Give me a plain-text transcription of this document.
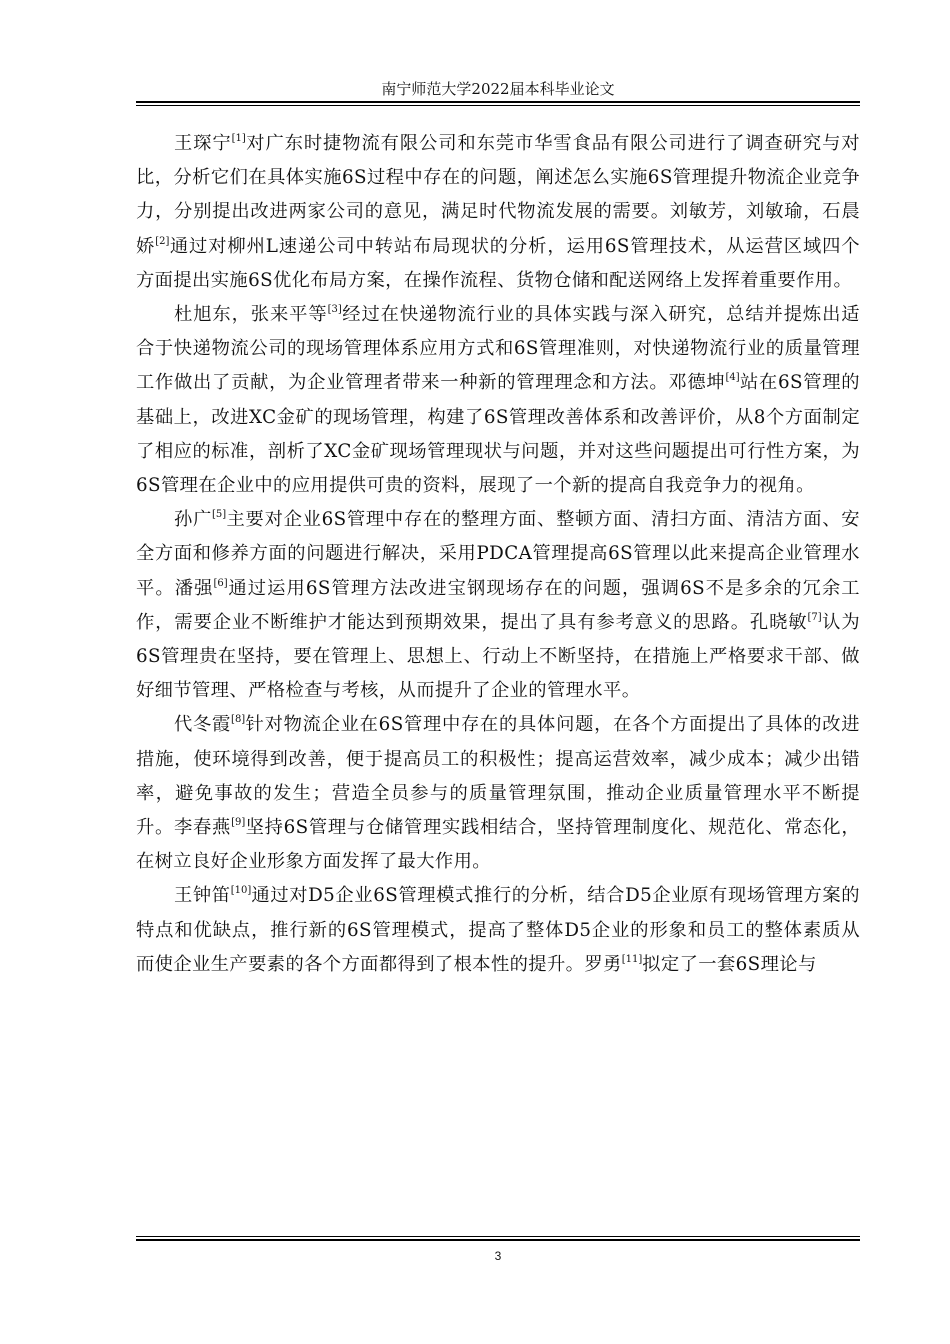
南宁师范大学2022届本科毕业论文

王琛宁[1]对广东时捷物流有限公司和东莞市华雪食品有限公司进行了调查研究与对比，分析它们在具体实施6S过程中存在的问题，阐述怎么实施6S管理提升物流企业竞争力，分别提出改进两家公司的意见，满足时代物流发展的需要。刘敏芳，刘敏瑜，石晨娇[2]通过对柳州L速递公司中转站布局现状的分析，运用6S管理技术，从运营区域四个方面提出实施6S优化布局方案，在操作流程、货物仓储和配送网络上发挥着重要作用。

杜旭东，张来平等[3]经过在快递物流行业的具体实践与深入研究，总结并提炼出适合于快递物流公司的现场管理体系应用方式和6S管理准则，对快递物流行业的质量管理工作做出了贡献，为企业管理者带来一种新的管理理念和方法。邓德坤[4]站在6S管理的基础上，改进XC金矿的现场管理，构建了6S管理改善体系和改善评价，从8个方面制定了相应的标准，剖析了XC金矿现场管理现状与问题，并对这些问题提出可行性方案，为6S管理在企业中的应用提供可贵的资料，展现了一个新的提高自我竞争力的视角。

孙广[5]主要对企业6S管理中存在的整理方面、整顿方面、清扫方面、清洁方面、安全方面和修养方面的问题进行解决，采用PDCA管理提高6S管理以此来提高企业管理水平。潘强[6]通过运用6S管理方法改进宝钢现场存在的问题，强调6S不是多余的冗余工作，需要企业不断维护才能达到预期效果，提出了具有参考意义的思路。孔晓敏[7]认为6S管理贵在坚持，要在管理上、思想上、行动上不断坚持，在措施上严格要求干部、做好细节管理、严格检查与考核，从而提升了企业的管理水平。

代冬霞[8]针对物流企业在6S管理中存在的具体问题，在各个方面提出了具体的改进措施，使环境得到改善，便于提高员工的积极性；提高运营效率，减少成本；减少出错率，避免事故的发生；营造全员参与的质量管理氛围，推动企业质量管理水平不断提升。李春燕[9]坚持6S管理与仓储管理实践相结合，坚持管理制度化、规范化、常态化，在树立良好企业形象方面发挥了最大作用。

王钟笛[10]通过对D5企业6S管理模式推行的分析，结合D5企业原有现场管理方案的特点和优缺点，推行新的6S管理模式，提高了整体D5企业的形象和员工的整体素质从而使企业生产要素的各个方面都得到了根本性的提升。罗勇[11]拟定了一套6S理论与

3
